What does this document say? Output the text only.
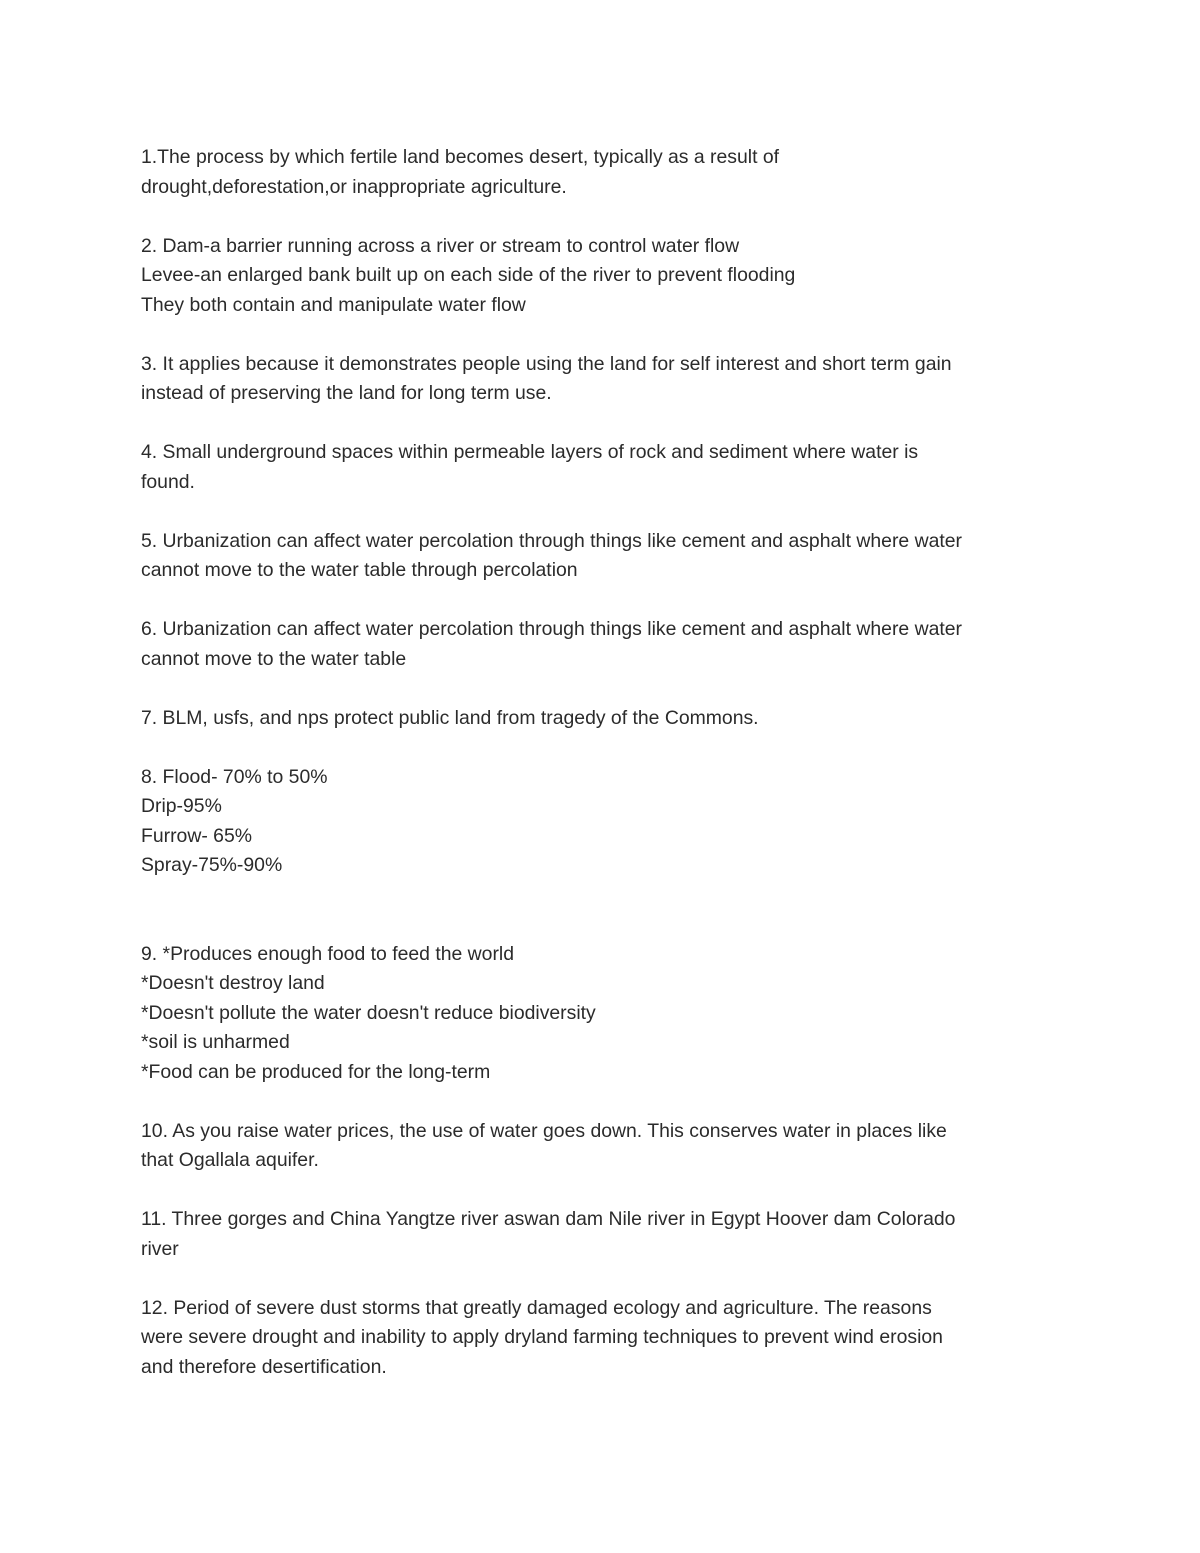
1.The process by which fertile land becomes desert, typically as a result of
drought,deforestation,or inappropriate agriculture.
2. Dam-a barrier running across a river or stream to control water flow
Levee-an enlarged bank built up on each side of the river to prevent flooding
They both contain and manipulate water flow
3. It applies because it demonstrates people using the land for self interest and short term gain
instead of preserving the land for long term use.
4. Small underground spaces within permeable layers of rock and sediment where water is
found.
5. Urbanization can affect water percolation through things like cement and asphalt where water
cannot move to the water table through percolation
6. Urbanization can affect water percolation through things like cement and asphalt where water
cannot move to the water table
7. BLM, usfs, and nps protect public land from tragedy of the Commons.
8. Flood- 70% to 50%
Drip-95%
Furrow- 65%
Spray-75%-90%
9. *Produces enough food to feed the world
*Doesn't destroy land
*Doesn't pollute the water doesn't reduce biodiversity
*soil is unharmed
*Food can be produced for the long-term
10. As you raise water prices, the use of water goes down. This conserves water in places like
that Ogallala aquifer.
11. Three gorges and China Yangtze river aswan dam Nile river in Egypt Hoover dam Colorado
river
12. Period of severe dust storms that greatly damaged ecology and agriculture. The reasons
were severe drought and inability to apply dryland farming techniques to prevent wind erosion
and therefore desertification.
